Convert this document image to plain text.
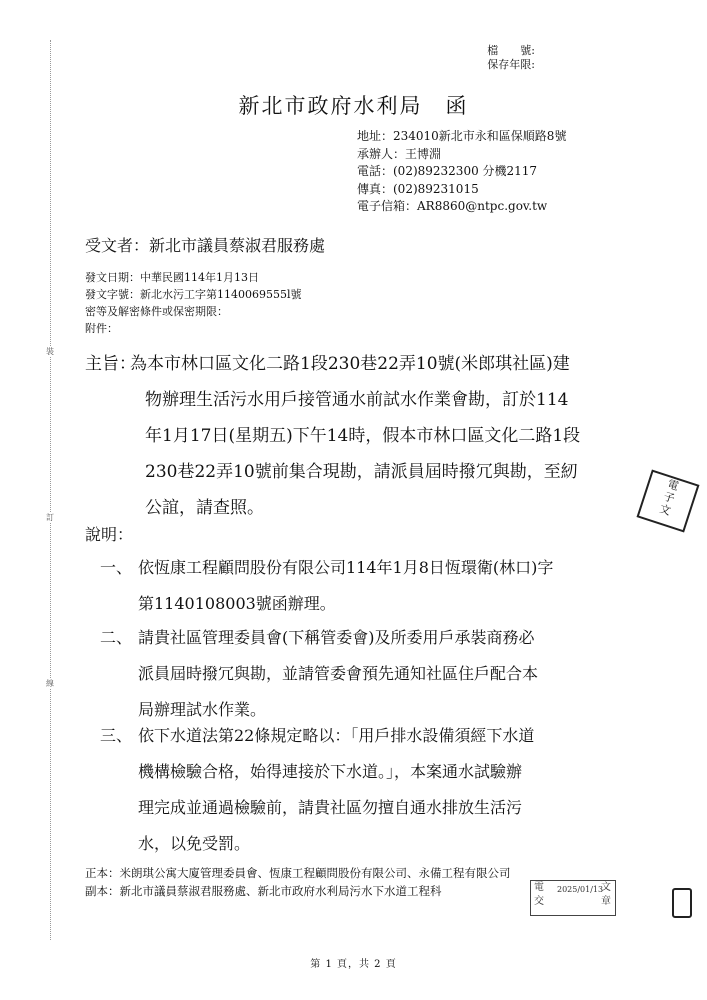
裝
訂
線
檔　　號:
保存年限:
新北市政府水利局　函
地址：234010新北市永和區保順路8號
承辦人：王博淵
電話：(02)89232300 分機2117
傳真：(02)89231015
電子信箱：AR8860@ntpc.gov.tw
受文者：新北市議員蔡淑君服務處
發文日期：中華民國114年1月13日
發文字號：新北水污工字第1140069555l號
密等及解密條件或保密期限：
附件：
主旨：
為本市林口區文化二路1段230巷22弄10號(米郎琪社區)建
物辦理生活污水用戶接管通水前試水作業會勘，訂於114
年1月17日(星期五)下午14時，假本市林口區文化二路1段
230巷22弄10號前集合現勘，請派員屆時撥冗與勘，至紉
公誼，請查照。
說明：
一、 依恆康工程顧問股份有限公司114年1月8日恆環衛(林口)字
第1140108003號函辦理。
二、 請貴社區管理委員會(下稱管委會)及所委用戶承裝商務必
派員屆時撥冗與勘，並請管委會預先通知社區住戶配合本
局辦理試水作業。
三、 依下水道法第22條規定略以：「用戶排水設備須經下水道
機構檢驗合格，始得連接於下水道。」，本案通水試驗辦
理完成並通過檢驗前，請貴社區勿擅自通水排放生活污
水，以免受罰。
正本：米朗琪公寓大廈管理委員會、恆康工程顧問股份有限公司、永備工程有限公司
副本：新北市議員蔡淑君服務處、新北市政府水利局污水下水道工程科
電
子
文
電
交
2025/01/13
文
章
第 1 頁，共 2 頁
